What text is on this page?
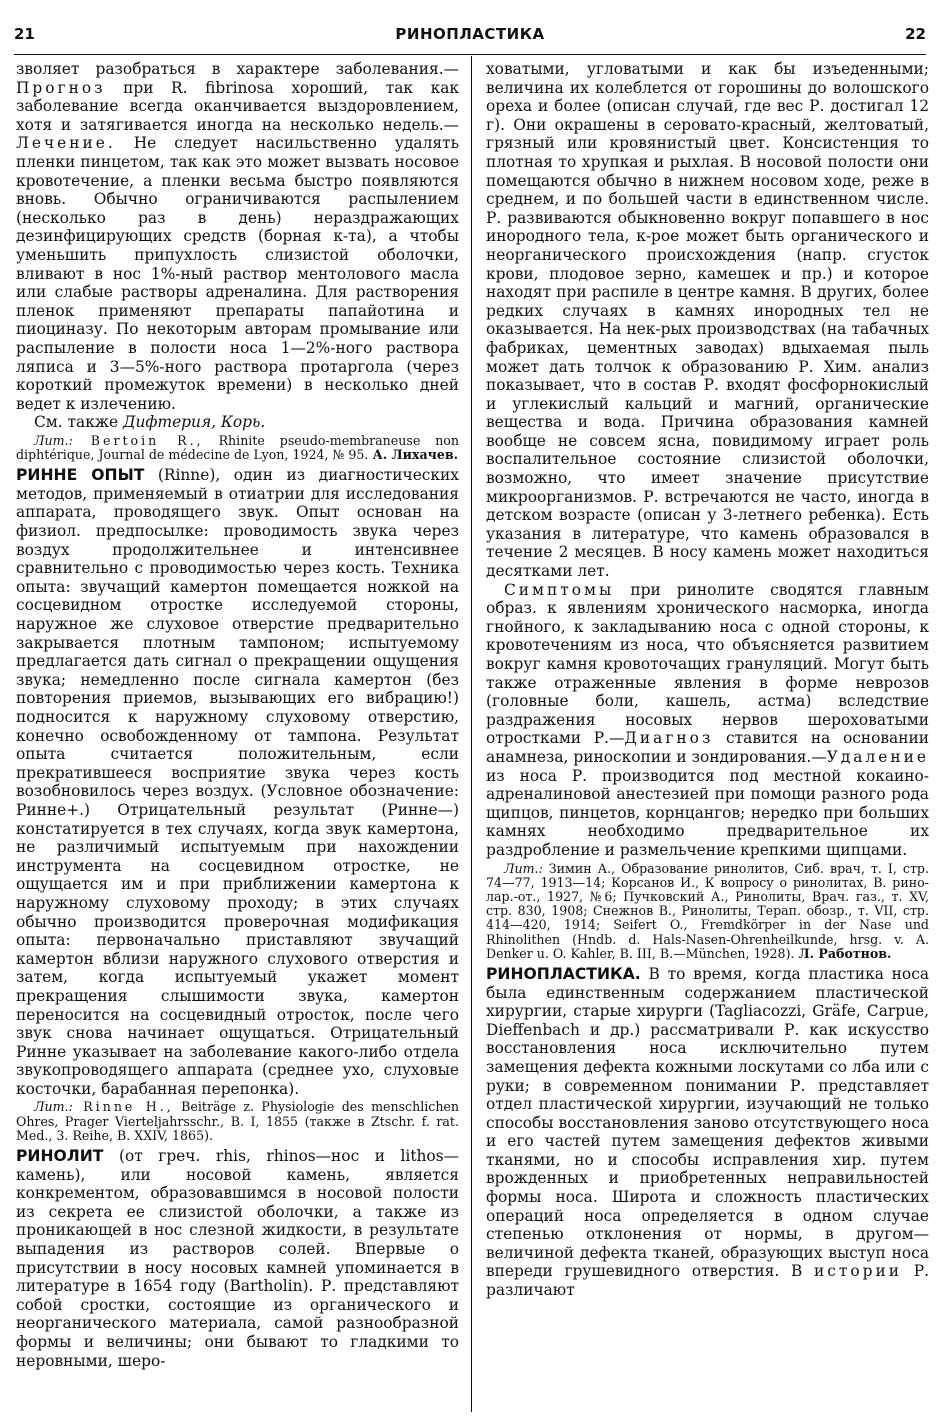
21	РИНОПЛАСТИКА	22

зволяет разобраться в характере заболевания.—Прогноз при R. fibrinosa хороший, так как заболевание всегда оканчивается выздоровлением, хотя и затягивается иногда на несколько недель.—Лечение. Не следует насильственно удалять пленки пинцетом, так как это может вызвать носовое кровотечение, а пленки весьма быстро появляются вновь. Обычно ограничиваются распылением (несколько раз в день) нераздражающих дезинфицирующих средств (борная к-та), а чтобы уменьшить припухлость слизистой оболочки, вливают в нос 1%-ный раствор ментолового масла или слабые растворы адреналина. Для растворения пленок применяют препараты папайотина и пиоциназу. По некоторым авторам промывание или распыление в полости носа 1—2%-ного раствора ляписа и 3—5%-ного раствора протаргола (через короткий промежуток времени) в несколько дней ведет к излечению.

См. также Дифтерия, Корь.

Лит.: Bertoin R., Rhinite pseudo-membraneuse non diphtérique, Journal de médecine de Lyon, 1924, № 95. А. Лихачев.

РИННЕ ОПЫТ (Rinne), один из диагностических методов, применяемый в отиатрии для исследования аппарата, проводящего звук. Опыт основан на физиол. предпосылке: проводимость звука через воздух продолжительнее и интенсивнее сравнительно с проводимостью через кость. Техника опыта: звучащий камертон помещается ножкой на сосцевидном отростке исследуемой стороны, наружное же слуховое отверстие предварительно закрывается плотным тампоном; испытуемому предлагается дать сигнал о прекращении ощущения звука; немедленно после сигнала камертон (без повторения приемов, вызывающих его вибрацию!) подносится к наружному слуховому отверстию, конечно освобожденному от тампона. Результат опыта считается положительным, если прекратившееся восприятие звука через кость возобновилось через воздух. (Условное обозначение: Ринне+.) Отрицательный результат (Ринне—) констатируется в тех случаях, когда звук камертона, не различимый испытуемым при нахождении инструмента на сосцевидном отростке, не ощущается им и при приближении камертона к наружному слуховому проходу; в этих случаях обычно производится проверочная модификация опыта: первоначально приставляют звучащий камертон вблизи наружного слухового отверстия и затем, когда испытуемый укажет момент прекращения слышимости звука, камертон переносится на сосцевидный отросток, после чего звук снова начинает ощущаться. Отрицательный Ринне указывает на заболевание какого-либо отдела звукопроводящего аппарата (среднее ухо, слуховые косточки, барабанная перепонка).

Лит.: Rinne H., Beiträge z. Physiologie des menschlichen Ohres, Prager Vierteljahrsschr., B. I, 1855 (также в Ztschr. f. rat. Med., 3. Reihe, B. XXIV, 1865).

РИНОЛИТ (от греч. rhis, rhinos—нос и lithos—камень), или носовой камень, является конкрементом, образовавшимся в носовой полости из секрета ее слизистой оболочки, а также из проникающей в нос слезной жидкости, в результате выпадения из растворов солей. Впервые о присутствии в носу носовых камней упоминается в литературе в 1654 году (Bartholin). Р. представляют собой сростки, состоящие из органического и неорганического материала, самой разнообразной формы и величины; они бывают то гладкими то неровными, шеро-

ховатыми, угловатыми и как бы изъеденными; величина их колеблется от горошины до волошского ореха и более (описан случай, где вес Р. достигал 12 г). Они окрашены в серовато-красный, желтоватый, грязный или кровянистый цвет. Консистенция то плотная то хрупкая и рыхлая. В носовой полости они помещаются обычно в нижнем носовом ходе, реже в среднем, и по большей части в единственном числе. Р. развиваются обыкновенно вокруг попавшего в нос инородного тела, к-рое может быть органического и неорганического происхождения (напр. сгусток крови, плодовое зерно, камешек и пр.) и которое находят при распиле в центре камня. В других, более редких случаях в камнях инородных тел не оказывается. На нек-рых производствах (на табачных фабриках, цементных заводах) вдыхаемая пыль может дать толчок к образованию Р. Хим. анализ показывает, что в состав Р. входят фосфорнокислый и углекислый кальций и магний, органические вещества и вода. Причина образования камней вообще не совсем ясна, повидимому играет роль воспалительное состояние слизистой оболочки, возможно, что имеет значение присутствие микроорганизмов. Р. встречаются не часто, иногда в детском возрасте (описан у 3-летнего ребенка). Есть указания в литературе, что камень образовался в течение 2 месяцев. В носу камень может находиться десятками лет.

Симптомы при ринолите сводятся главным образ. к явлениям хронического насморка, иногда гнойного, к закладыванию носа с одной стороны, к кровотечениям из носа, что объясняется развитием вокруг камня кровоточащих грануляций. Могут быть также отраженные явления в форме неврозов (головные боли, кашель, астма) вследствие раздражения носовых нервов шероховатыми отростками Р.—Диагноз ставится на основании анамнеза, риноскопии и зондирования.—Удаление из носа Р. производится под местной кокаино-адреналиновой анестезией при помощи разного рода щипцов, пинцетов, корнцангов; нередко при больших камнях необходимо предварительное их раздробление и размельчение крепкими щипцами.

Лит.: Зимин А., Образование ринолитов, Сиб. врач, т. I, стр. 74—77, 1913—14; Корсанов И., К вопросу о ринолитах, В. рино-лар.-от., 1927, №6; Пучковский А., Ринолиты, Врач. газ., т. XV, стр. 830, 1908; Снежнов В., Ринолиты, Терап. обозр., т. VII, стр. 414—420, 1914; Seifert O., Fremdkörper in der Nase und Rhinolithen (Hndb. d. Hals-Nasen-Ohrenheilkunde, hrsg. v. A. Denker u. O. Kahler, B. III, B.—München, 1928). Л. Работнов.

РИНОПЛАСТИКА. В то время, когда пластика носа была единственным содержанием пластической хирургии, старые хирурги (Tagliacozzi, Gräfe, Carpue, Dieffenbach и др.) рассматривали Р. как искусство восстановления носа исключительно путем замещения дефекта кожными лоскутами со лба или с руки; в современном понимании Р. представляет отдел пластической хирургии, изучающий не только способы восстановления заново отсутствующего носа и его частей путем замещения дефектов живыми тканями, но и способы исправления хир. путем врожденных и приобретенных неправильностей формы носа. Широта и сложность пластических операций носа определяется в одном случае степенью отклонения от нормы, в другом—величиной дефекта тканей, образующих выступ носа впереди грушевидного отверстия. В истории Р. различают
